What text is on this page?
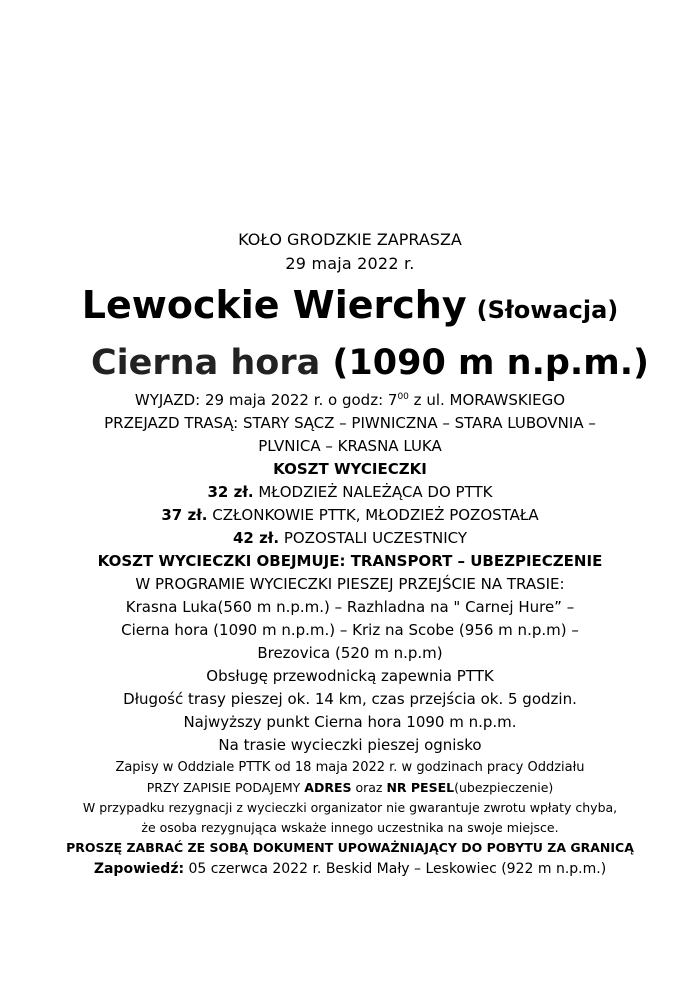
KOŁO GRODZKIE ZAPRASZA
29 maja 2022 r.
Lewockie Wierchy (Słowacja)
Cierna hora (1090 m n.p.m.)
WYJAZD: 29 maja 2022 r. o godz: $7^{00}$ z ul. MORAWSKIEGO
PRZEJAZD TRASĄ: STARY SĄCZ – PIWNICZNA – STARA LUBOVNIA –
PLVNICA – KRASNA LUKA
KOSZT WYCIECZKI
32 zł. MŁODZIEŻ NALEŻĄCA DO PTTK
37 zł. CZŁONKOWIE PTTK, MŁODZIEŻ POZOSTAŁA
42 zł. POZOSTALI UCZESTNICY
KOSZT WYCIECZKI OBEJMUJE: TRANSPORT – UBEZPIECZENIE
W PROGRAMIE WYCIECZKI PIESZEJ PRZEJŚCIE NA TRASIE:
Krasna Luka(560 m n.p.m.) – Razhladna na " Carnej Hure” –
Cierna hora (1090 m n.p.m.) – Kriz na Scobe (956 m n.p.m) –
Brezovica (520 m n.p.m)
Obsługę przewodnicką zapewnia PTTK
Długość trasy pieszej ok. 14 km, czas przejścia ok. 5 godzin.
Najwyższy punkt Cierna hora 1090 m n.p.m.
Na trasie wycieczki pieszej ognisko
Zapisy w Oddziale PTTK od 18 maja 2022 r. w godzinach pracy Oddziału
PRZY ZAPISIE PODAJEMY ADRES oraz NR PESEL(ubezpieczenie)
W przypadku rezygnacji z wycieczki organizator nie gwarantuje zwrotu wpłaty chyba,
że osoba rezygnująca wskaże innego uczestnika na swoje miejsce.
PROSZĘ ZABRAĆ ZE SOBĄ DOKUMENT UPOWAŻNIAJĄCY DO POBYTU ZA GRANICĄ
Zapowiedź: 05 czerwca 2022 r. Beskid Mały – Leskowiec (922 m n.p.m.)
